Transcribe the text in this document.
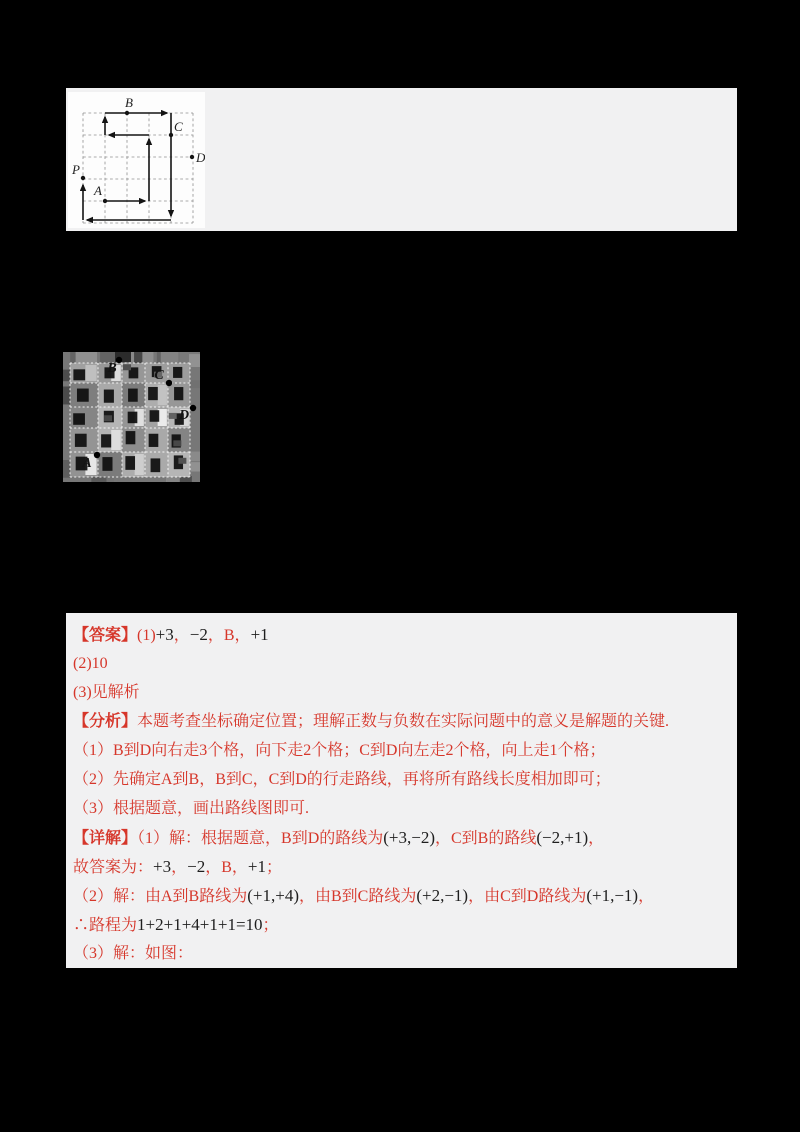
B
C
D
A
P
B	C
D
A
【答案】(1)+3，−2，B，+1
(2)10
(3)见解析
【分析】本题考查坐标确定位置；理解正数与负数在实际问题中的意义是解题的关键.
（1）B到D向右走3个格，向下走2个格；C到D向左走2个格，向上走1个格；
（2）先确定A到B，B到C，C到D的行走路线，再将所有路线长度相加即可；
（3）根据题意，画出路线图即可.
【详解】（1）解：根据题意，B到D的路线为(+3,−2)，C到B的路线(−2,+1)，
故答案为：+3，−2，B，+1；
（2）解：由A到B路线为(+1,+4)，由B到C路线为(+2,−1)，由C到D路线为(+1,−1)，
∴路程为1+2+1+4+1+1=10；
（3）解：如图：
